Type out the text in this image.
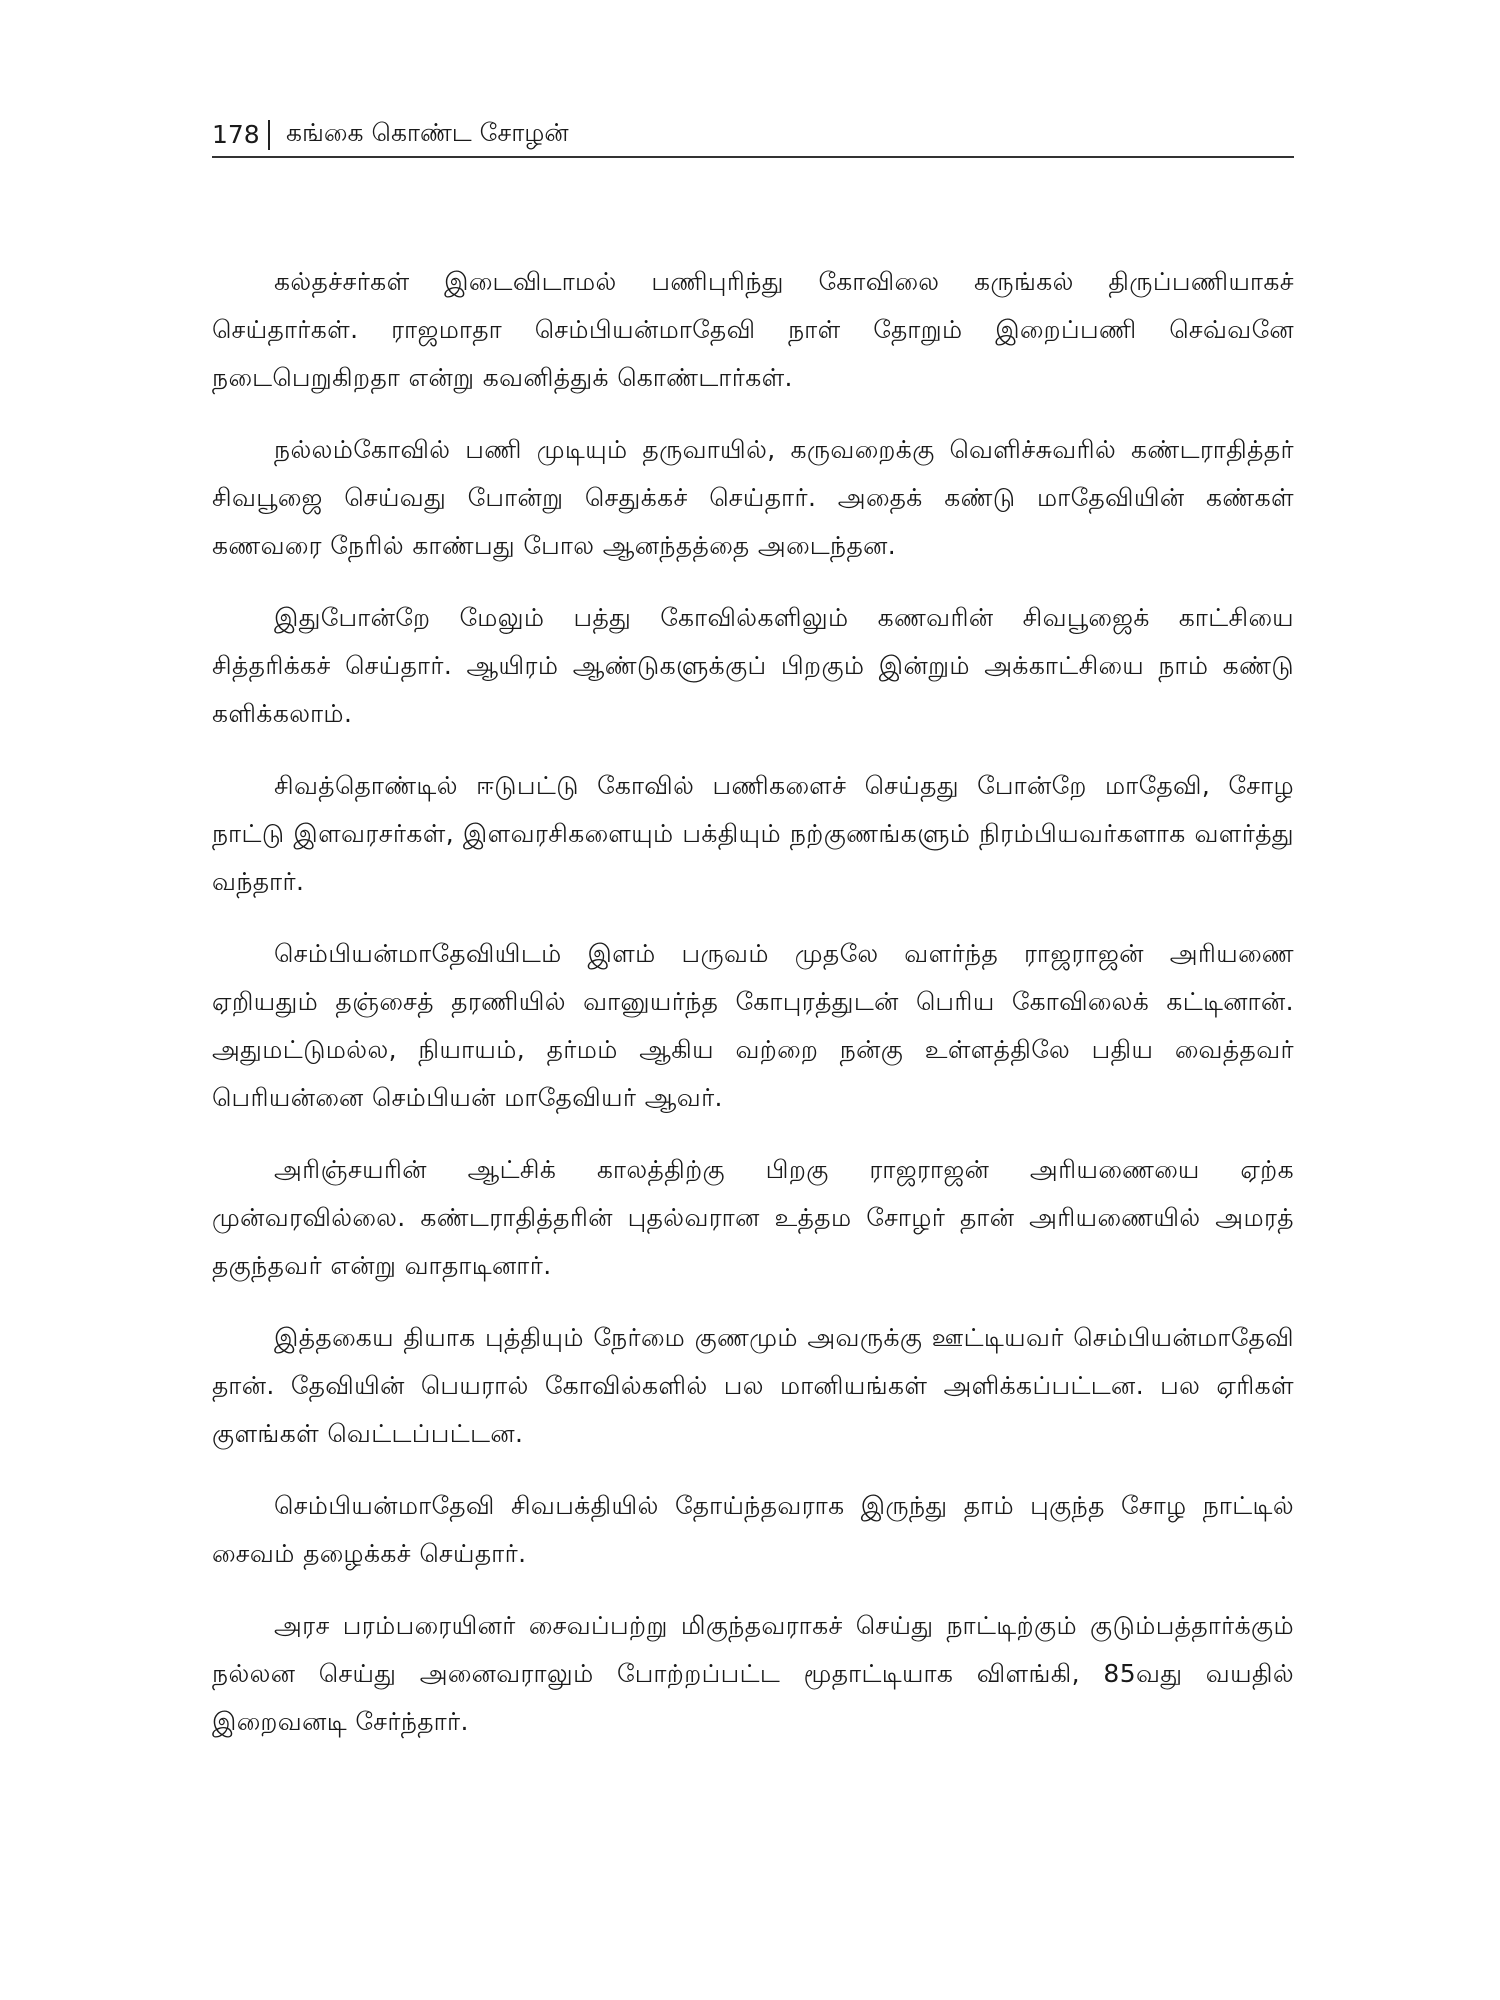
178 கங்கை கொண்ட சோழன்

கல்தச்சர்கள் இடைவிடாமல் பணிபுரிந்து கோவிலை கருங்கல் திருப்பணியாகச் செய்தார்கள். ராஜமாதா செம்பியன்மாதேவி நாள் தோறும் இறைப்பணி செவ்வனே நடைபெறுகிறதா என்று கவனித்துக் கொண்டார்கள்.

நல்லம்கோவில் பணி முடியும் தருவாயில், கருவறைக்கு வெளிச்சுவரில் கண்டராதித்தர் சிவபூஜை செய்வது போன்று செதுக்கச் செய்தார். அதைக் கண்டு மாதேவியின் கண்கள் கணவரை நேரில் காண்பது போல ஆனந்தத்தை அடைந்தன.

இதுபோன்றே மேலும் பத்து கோவில்களிலும் கணவரின் சிவபூஜைக் காட்சியை சித்தரிக்கச் செய்தார். ஆயிரம் ஆண்டுகளுக்குப் பிறகும் இன்றும் அக்காட்சியை நாம் கண்டு களிக்கலாம்.

சிவத்தொண்டில் ஈடுபட்டு கோவில் பணிகளைச் செய்தது போன்றே மாதேவி, சோழ நாட்டு இளவரசர்கள், இளவரசிகளையும் பக்தியும் நற்குணங்களும் நிரம்பியவர்களாக வளர்த்து வந்தார்.

செம்பியன்மாதேவியிடம் இளம் பருவம் முதலே வளர்ந்த ராஜராஜன் அரியணை ஏறியதும் தஞ்சைத் தரணியில் வானுயர்ந்த கோபுரத்துடன் பெரிய கோவிலைக் கட்டினான். அதுமட்டுமல்ல, நியாயம், தர்மம் ஆகிய வற்றை நன்கு உள்ளத்திலே பதிய வைத்தவர் பெரியன்னை செம்பியன் மாதேவியர் ஆவர்.

அரிஞ்சயரின் ஆட்சிக் காலத்திற்கு பிறகு ராஜராஜன் அரியணையை ஏற்க முன்வரவில்லை. கண்டராதித்தரின் புதல்வரான உத்தம சோழர் தான் அரியணையில் அமரத் தகுந்தவர் என்று வாதாடினார்.

இத்தகைய தியாக புத்தியும் நேர்மை குணமும் அவருக்கு ஊட்டியவர் செம்பியன்மாதேவி தான். தேவியின் பெயரால் கோவில்களில் பல மானியங்கள் அளிக்கப்பட்டன. பல ஏரிகள் குளங்கள் வெட்டப்பட்டன.

செம்பியன்மாதேவி சிவபக்தியில் தோய்ந்தவராக இருந்து தாம் புகுந்த சோழ நாட்டில் சைவம் தழைக்கச் செய்தார்.

அரச பரம்பரையினர் சைவப்பற்று மிகுந்தவராகச் செய்து நாட்டிற்கும் குடும்பத்தார்க்கும் நல்லன செய்து அனைவராலும் போற்றப்பட்ட மூதாட்டியாக விளங்கி, 85வது வயதில் இறைவனடி சேர்ந்தார்.
